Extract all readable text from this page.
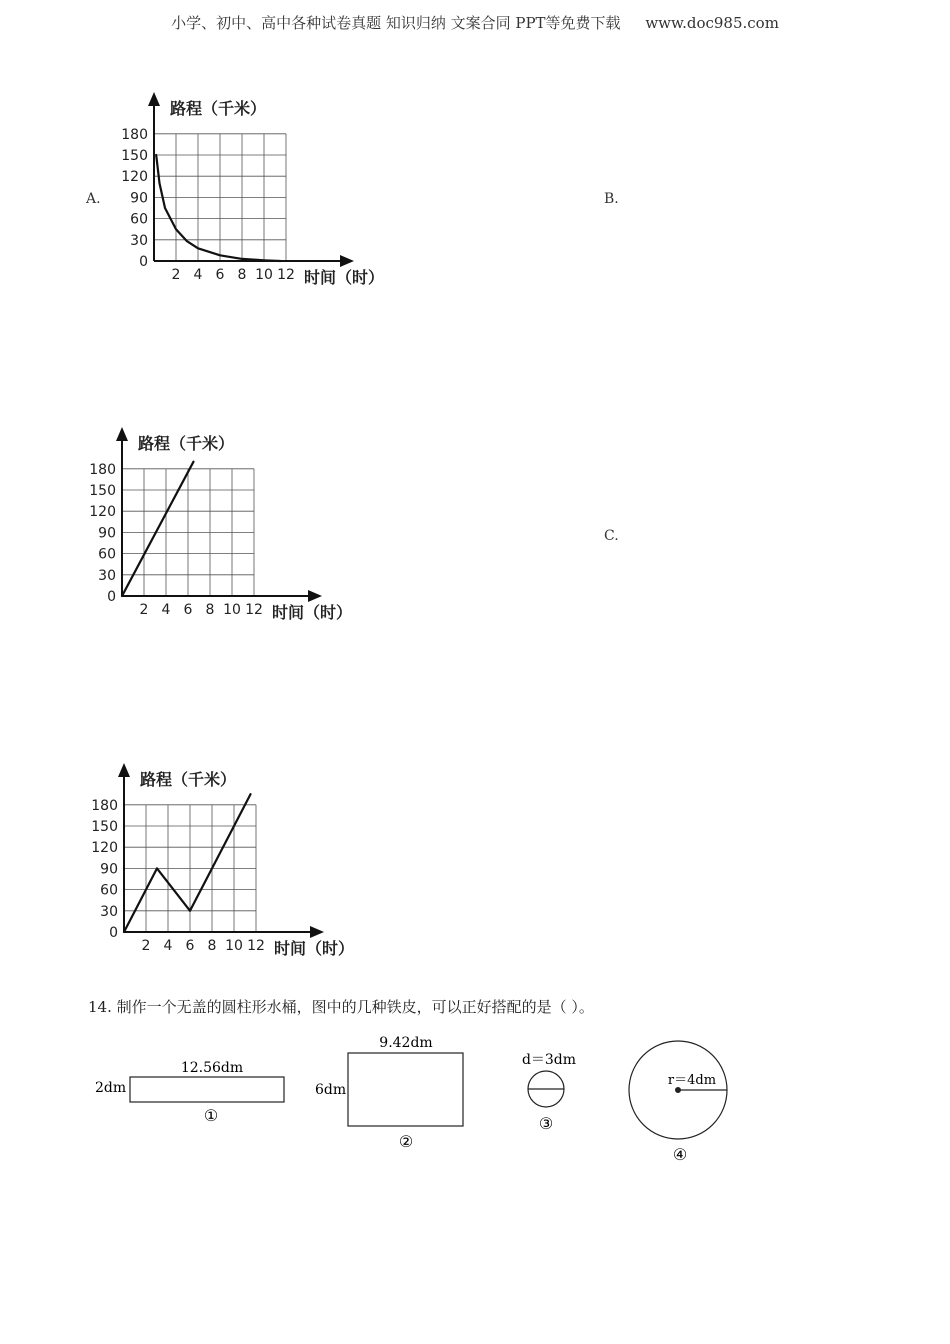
小学、初中、高中各种试卷真题 知识归纳 文案合同 PPT等免费下载 www.doc985.com
A.	B.
C.
路程（千米）
时间（时）
0
30
60
90
120
150
180
2 4 6 8 10 12
路程（千米）
时间（时）
0
30
60
90
120
150
180
2 4 6 8 10 12
路程（千米）
时间（时）
0
30
60
90
120
150
180
2 4 6 8 10 12
14. 制作一个无盖的圆柱形水桶，图中的几种铁皮，可以正好搭配的是（ ）。
12.56dm
2dm
①
9.42dm
6dm
②
d＝3dm
③
r＝4dm
④
